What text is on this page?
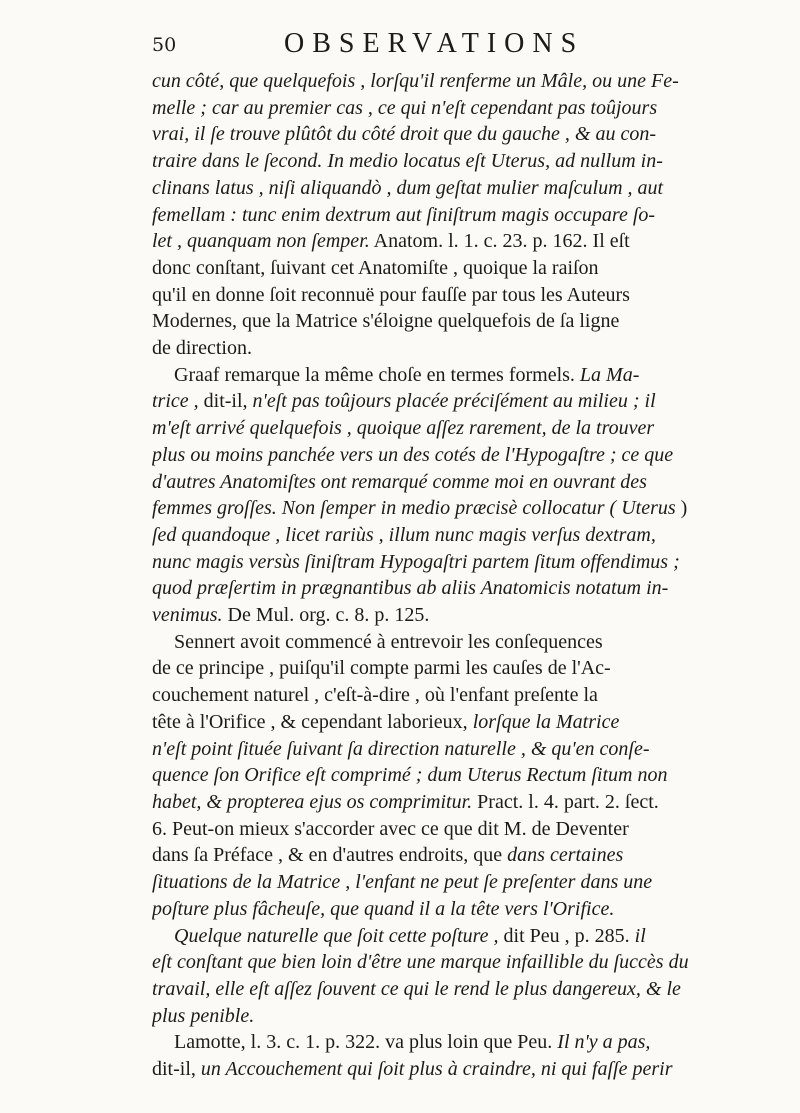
50	OBSERVATIONS
cun côté, que quelquefois , lorſqu'il renferme un Mâle, ou une Fe-
melle ; car au premier cas , ce qui n'eſt cependant pas toûjours
vrai, il ſe trouve plûtôt du côté droit que du gauche , & au con-
traire dans le ſecond. In medio locatus eſt Uterus, ad nullum in-
clinans latus , niſi aliquandò , dum geſtat mulier maſculum , aut
femellam : tunc enim dextrum aut ſiniſtrum magis occupare ſo-
let , quanquam non ſemper. Anatom. l. 1. c. 23. p. 162. Il eſt
donc conſtant, ſuivant cet Anatomiſte , quoique la raiſon
qu'il en donne ſoit reconnuë pour fauſſe par tous les Auteurs
Modernes, que la Matrice s'éloigne quelquefois de ſa ligne
de direction.
Graaf remarque la même choſe en termes formels. La Ma-
trice , dit-il, n'eſt pas toûjours placée préciſément au milieu ; il
m'eſt arrivé quelquefois , quoique aſſez rarement, de la trouver
plus ou moins panchée vers un des cotés de l'Hypogaſtre ; ce que
d'autres Anatomiſtes ont remarqué comme moi en ouvrant des
femmes groſſes. Non ſemper in medio præcisè collocatur ( Uterus )
ſed quandoque , licet rariùs , illum nunc magis verſus dextram,
nunc magis versùs ſiniſtram Hypogaſtri partem ſitum offendimus ;
quod præſertim in prægnantibus ab aliis Anatomicis notatum in-
venimus. De Mul. org. c. 8. p. 125.
Sennert avoit commencé à entrevoir les conſequences
de ce principe , puiſqu'il compte parmi les cauſes de l'Ac-
couchement naturel , c'eſt-à-dire , où l'enfant preſente la
tête à l'Orifice , & cependant laborieux, lorſque la Matrice
n'eſt point ſituée ſuivant ſa direction naturelle , & qu'en conſe-
quence ſon Orifice eſt comprimé ; dum Uterus Rectum ſitum non
habet, & propterea ejus os comprimitur. Pract. l. 4. part. 2. ſect.
6. Peut-on mieux s'accorder avec ce que dit M. de Deventer
dans ſa Préface , & en d'autres endroits, que dans certaines
ſituations de la Matrice , l'enfant ne peut ſe preſenter dans une
poſture plus fâcheuſe, que quand il a la tête vers l'Orifice.
Quelque naturelle que ſoit cette poſture , dit Peu , p. 285. il
eſt conſtant que bien loin d'être une marque infaillible du ſuccès du
travail, elle eſt aſſez ſouvent ce qui le rend le plus dangereux, & le
plus penible.
Lamotte, l. 3. c. 1. p. 322. va plus loin que Peu. Il n'y a pas,
dit-il, un Accouchement qui ſoit plus à craindre, ni qui faſſe perir
